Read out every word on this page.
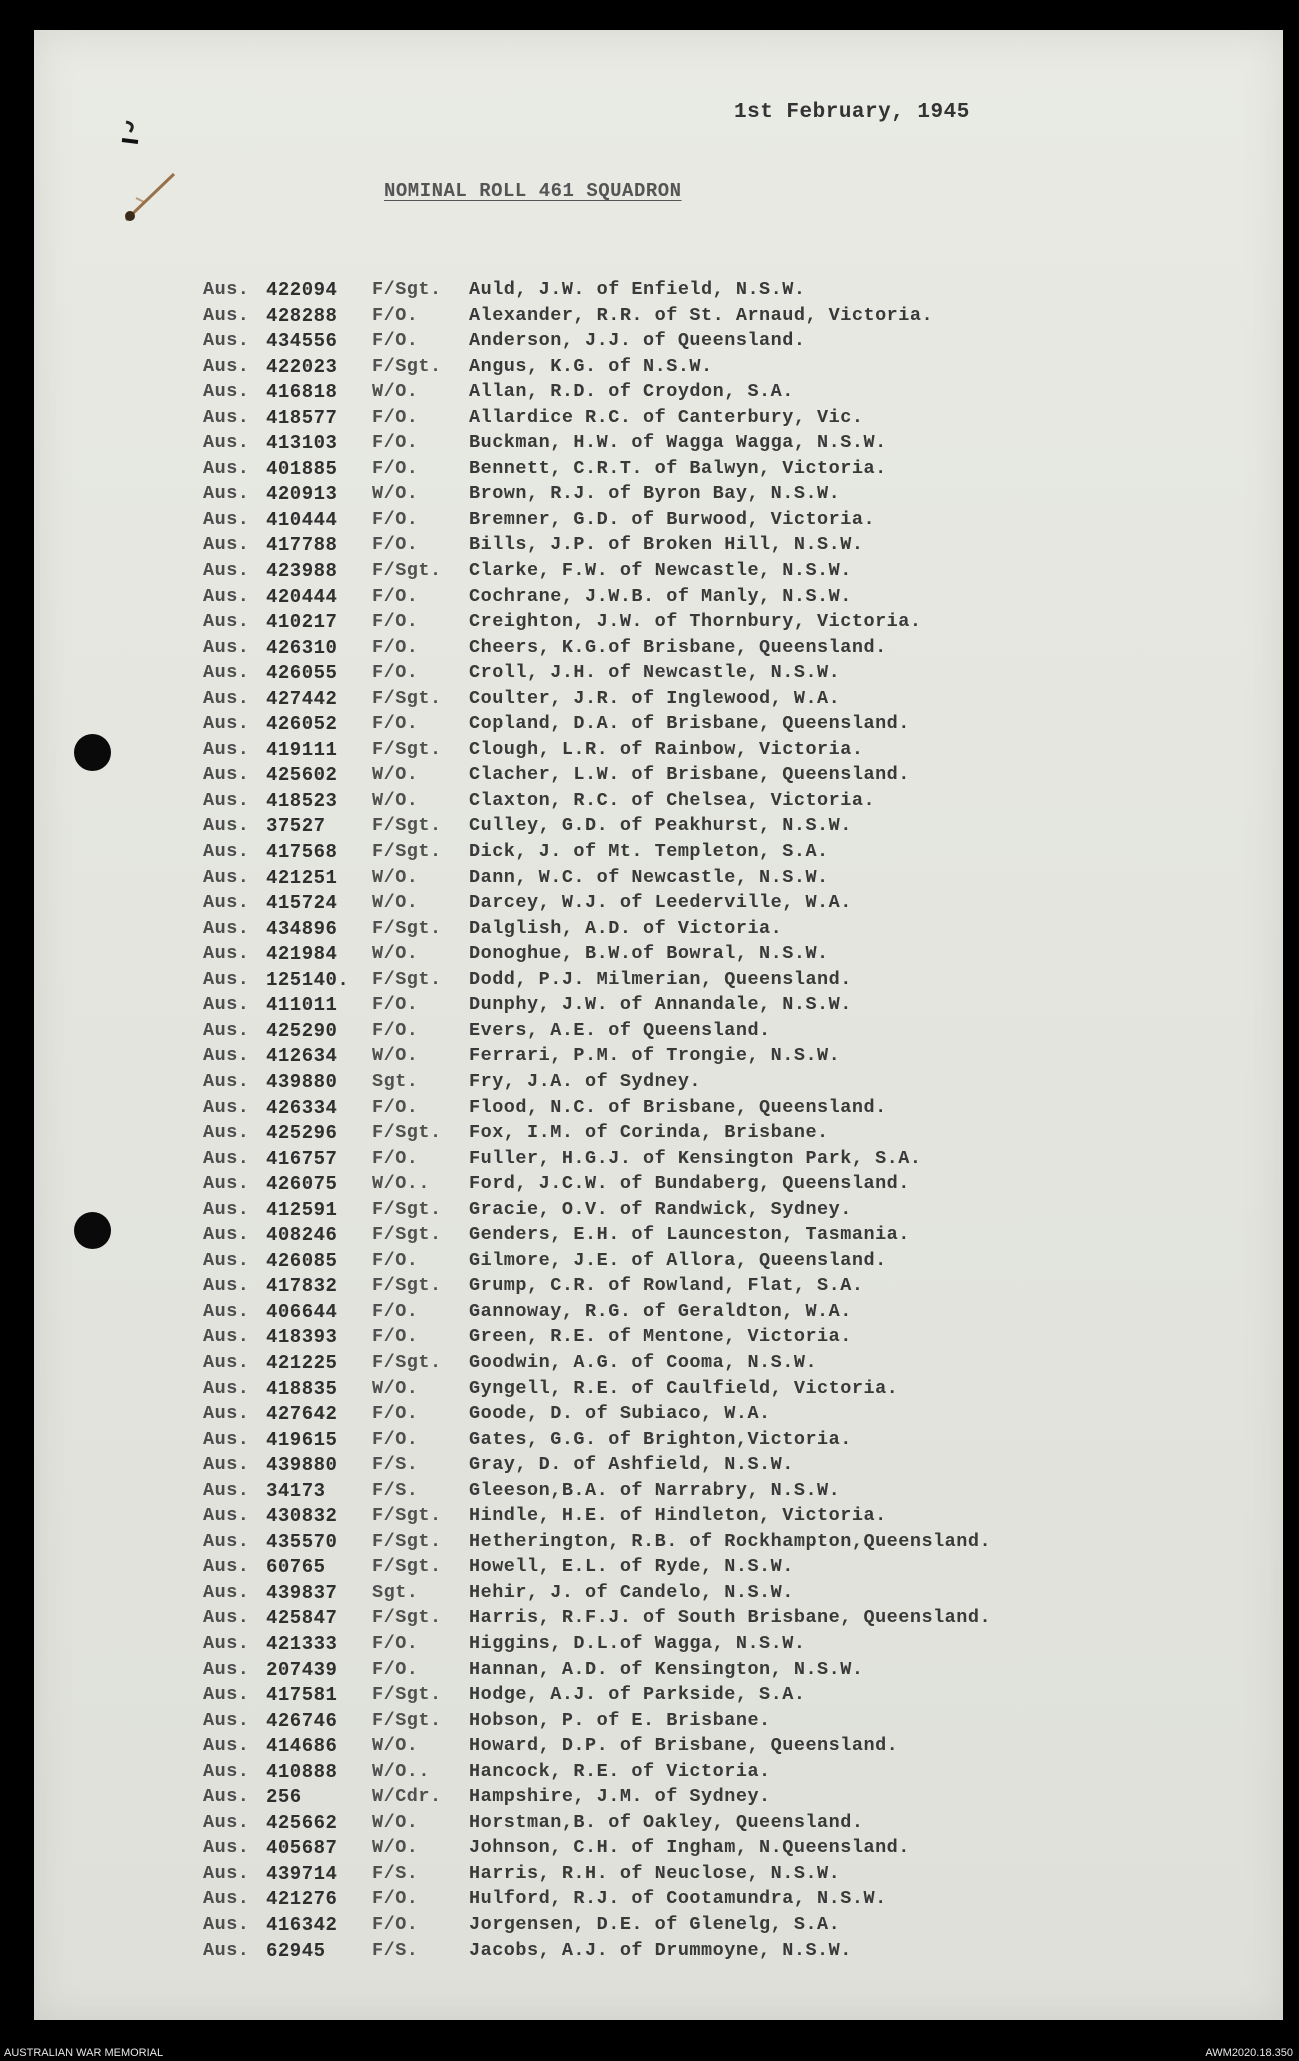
1st February, 1945
NOMINAL ROLL 461 SQUADRON
Aus. 422094 F/Sgt. Auld, J.W. of Enfield, N.S.W.
Aus. 428288 F/O.	Alexander, R.R. of St. Arnaud, Victoria.
Aus. 434556 F/O.	Anderson, J.J. of Queensland.
Aus. 422023 F/Sgt. Angus, K.G. of N.S.W.
Aus. 416818 W/O.	Allan, R.D. of Croydon, S.A.
Aus. 418577 F/O.	Allardice R.C. of Canterbury, Vic.
Aus. 413103 F/O.	Buckman, H.W. of Wagga Wagga, N.S.W.
Aus. 401885 F/O.	Bennett, C.R.T. of Balwyn, Victoria.
Aus. 420913 W/O.	Brown, R.J. of Byron Bay, N.S.W.
Aus. 410444 F/O.	Bremner, G.D. of Burwood, Victoria.
Aus. 417788 F/O.	Bills, J.P. of Broken Hill, N.S.W.
Aus. 423988 F/Sgt. Clarke, F.W. of Newcastle, N.S.W.
Aus. 420444 F/O.	Cochrane, J.W.B. of Manly, N.S.W.
Aus. 410217 F/O.	Creighton, J.W. of Thornbury, Victoria.
Aus. 426310 F/O.	Cheers, K.G.of Brisbane, Queensland.
Aus. 426055 F/O.	Croll, J.H. of Newcastle, N.S.W.
Aus. 427442 F/Sgt. Coulter, J.R. of Inglewood, W.A.
Aus. 426052 F/O.	Copland, D.A. of Brisbane, Queensland.
Aus. 419111 F/Sgt. Clough, L.R. of Rainbow, Victoria.
Aus. 425602 W/O.	Clacher, L.W. of Brisbane, Queensland.
Aus. 418523 W/O.	Claxton, R.C. of Chelsea, Victoria.
Aus. 37527	F/Sgt. Culley, G.D. of Peakhurst, N.S.W.
Aus. 417568 F/Sgt. Dick, J. of Mt. Templeton, S.A.
Aus. 421251 W/O.	Dann, W.C. of Newcastle, N.S.W.
Aus. 415724 W/O.	Darcey, W.J. of Leederville, W.A.
Aus. 434896 F/Sgt. Dalglish, A.D. of Victoria.
Aus. 421984 W/O.	Donoghue, B.W.of Bowral, N.S.W.
Aus. 125140. F/Sgt. Dodd, P.J. Milmerian, Queensland.
Aus. 411011 F/O.	Dunphy, J.W. of Annandale, N.S.W.
Aus. 425290 F/O.	Evers, A.E. of Queensland.
Aus. 412634 W/O.	Ferrari, P.M. of Trongie, N.S.W.
Aus. 439880 Sgt.	Fry, J.A. of Sydney.
Aus. 426334 F/O.	Flood, N.C. of Brisbane, Queensland.
Aus. 425296 F/Sgt. Fox, I.M. of Corinda, Brisbane.
Aus. 416757 F/O.	Fuller, H.G.J. of Kensington Park, S.A.
Aus. 426075 W/O.. Ford, J.C.W. of Bundaberg, Queensland.
Aus. 412591 F/Sgt. Gracie, O.V. of Randwick, Sydney.
Aus. 408246 F/Sgt. Genders, E.H. of Launceston, Tasmania.
Aus. 426085 F/O.	Gilmore, J.E. of Allora, Queensland.
Aus. 417832 F/Sgt. Grump, C.R. of Rowland, Flat, S.A.
Aus. 406644 F/O.	Gannoway, R.G. of Geraldton, W.A.
Aus. 418393 F/O.	Green, R.E. of Mentone, Victoria.
Aus. 421225 F/Sgt. Goodwin, A.G. of Cooma, N.S.W.
Aus. 418835 W/O.	Gyngell, R.E. of Caulfield, Victoria.
Aus. 427642 F/O.	Goode, D. of Subiaco, W.A.
Aus. 419615 F/O.	Gates, G.G. of Brighton,Victoria.
Aus. 439880 F/S.	Gray, D. of Ashfield, N.S.W.
Aus. 34173	F/S.	Gleeson,B.A. of Narrabry, N.S.W.
Aus. 430832 F/Sgt. Hindle, H.E. of Hindleton, Victoria.
Aus. 435570 F/Sgt. Hetherington, R.B. of Rockhampton,Queensland.
Aus. 60765	F/Sgt. Howell, E.L. of Ryde, N.S.W.
Aus. 439837 Sgt.	Hehir, J. of Candelo, N.S.W.
Aus. 425847 F/Sgt. Harris, R.F.J. of South Brisbane, Queensland.
Aus. 421333 F/O.	Higgins, D.L.of Wagga, N.S.W.
Aus. 207439 F/O.	Hannan, A.D. of Kensington, N.S.W.
Aus. 417581 F/Sgt. Hodge, A.J. of Parkside, S.A.
Aus. 426746 F/Sgt. Hobson, P. of E. Brisbane.
Aus. 414686 W/O.	Howard, D.P. of Brisbane, Queensland.
Aus. 410888 W/O.. Hancock, R.E. of Victoria.
Aus. 256	W/Cdr. Hampshire, J.M. of Sydney.
Aus. 425662 W/O.	Horstman,B. of Oakley, Queensland.
Aus. 405687 W/O.	Johnson, C.H. of Ingham, N.Queensland.
Aus. 439714 F/S.	Harris, R.H. of Neuclose, N.S.W.
Aus. 421276 F/O.	Hulford, R.J. of Cootamundra, N.S.W.
Aus. 416342 F/O.	Jorgensen, D.E. of Glenelg, S.A.
Aus. 62945	F/S.	Jacobs, A.J. of Drummoyne, N.S.W.
AUSTRALIAN WAR MEMORIAL	AWM2020.18.350
